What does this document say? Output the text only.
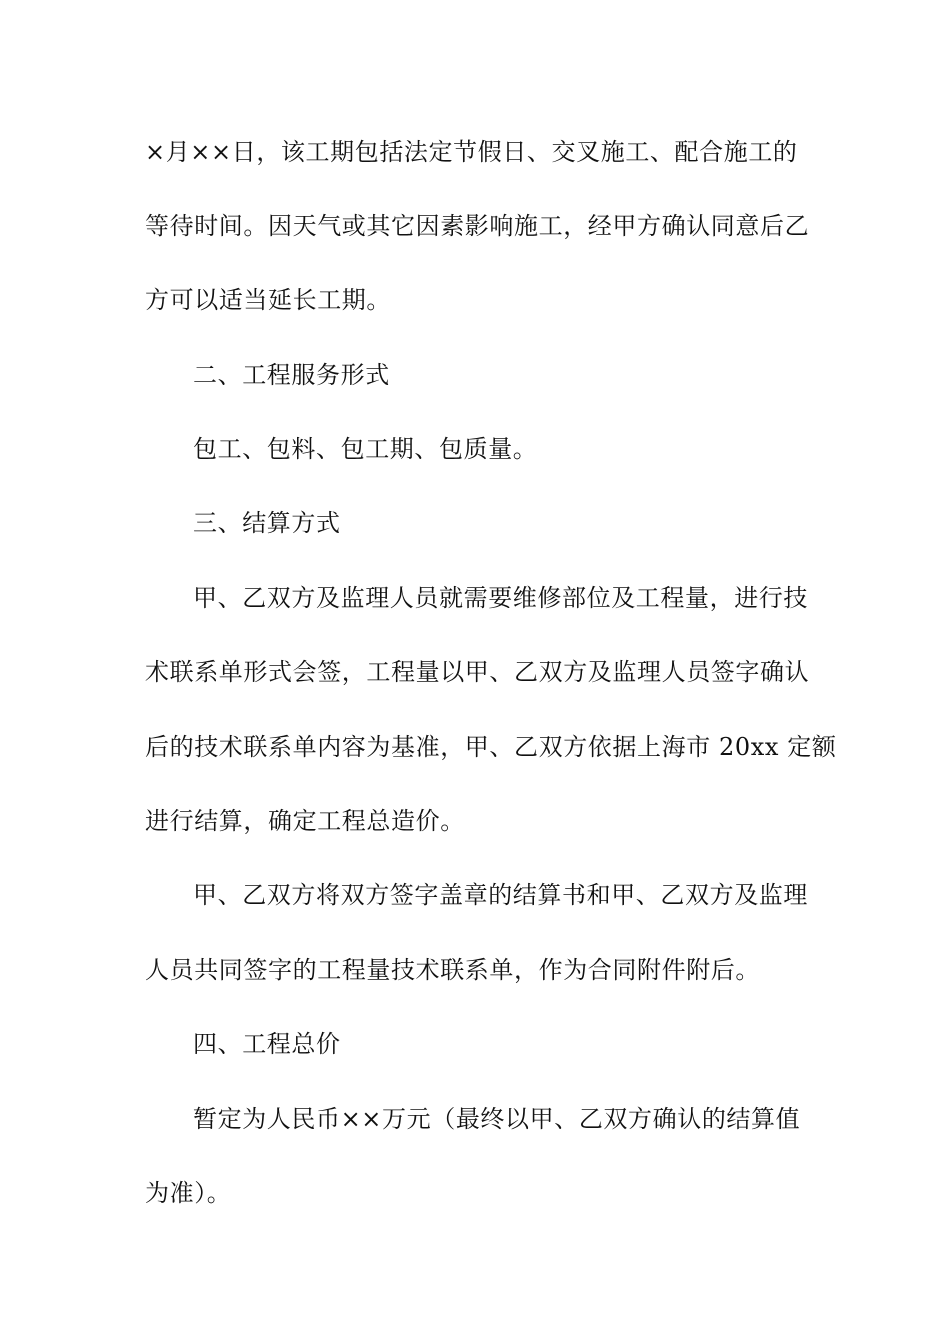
×月××日，该工期包括法定节假日、交叉施工、配合施工的
等待时间。因天气或其它因素影响施工，经甲方确认同意后乙
方可以适当延长工期。
二、工程服务形式
包工、包料、包工期、包质量。
三、结算方式
甲、乙双方及监理人员就需要维修部位及工程量，进行技
术联系单形式会签，工程量以甲、乙双方及监理人员签字确认
后的技术联系单内容为基准，甲、乙双方依据上海市 20xx 定额
进行结算，确定工程总造价。
甲、乙双方将双方签字盖章的结算书和甲、乙双方及监理
人员共同签字的工程量技术联系单，作为合同附件附后。
四、工程总价
暂定为人民币××万元（最终以甲、乙双方确认的结算值
为准）。
